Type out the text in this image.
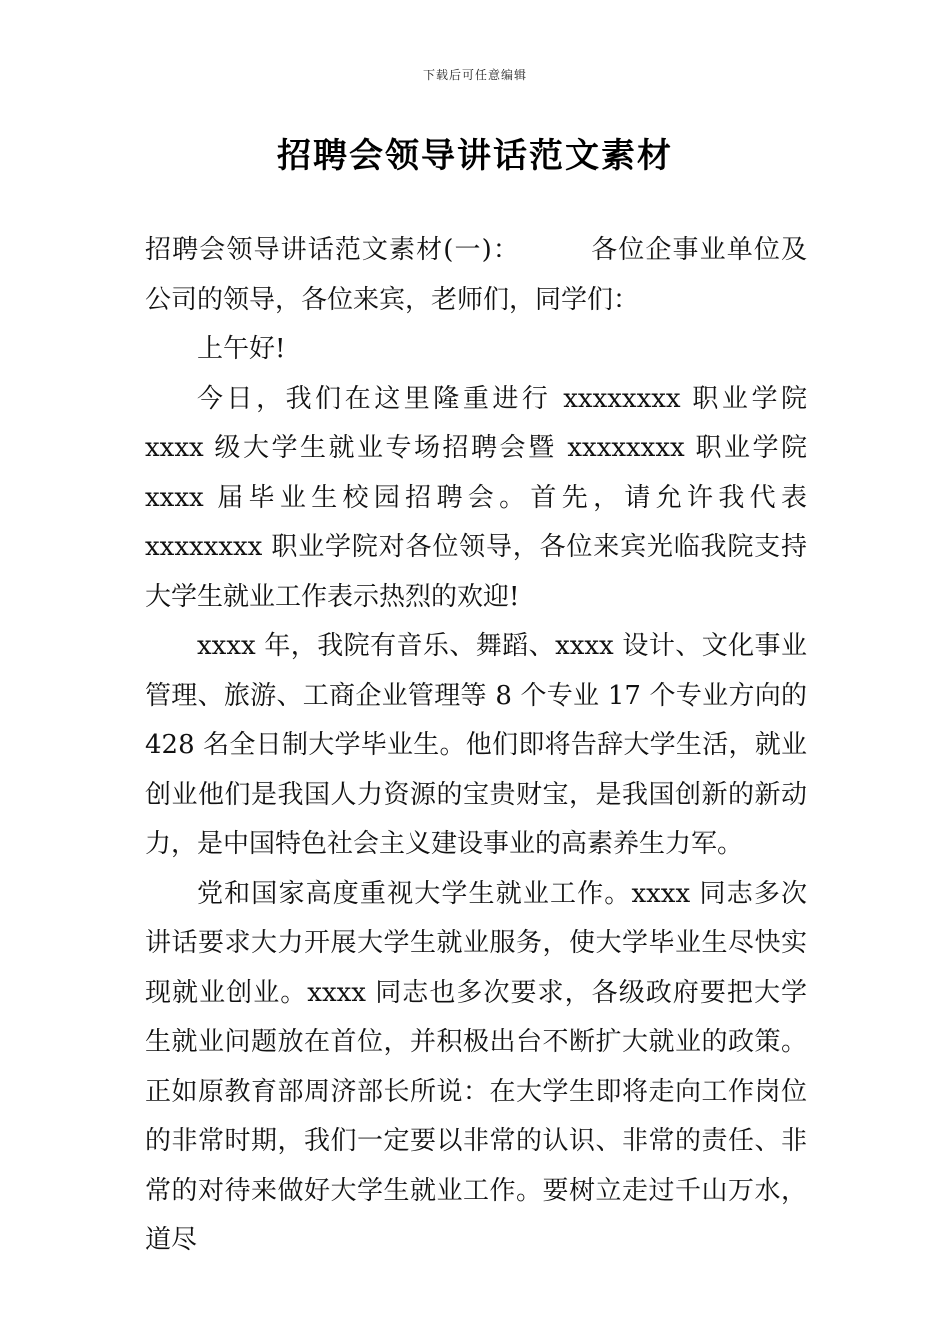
下载后可任意编辑
招聘会领导讲话范文素材

招聘会领导讲话范文素材(一)：	各位企事业单位及公司的领导，各位来宾，老师们，同学们：

上午好!

今日，我们在这里隆重进行 xxxxxxxx 职业学院 xxxx 级大学生就业专场招聘会暨 xxxxxxxx 职业学院 xxxx 届毕业生校园招聘会。首先，请允许我代表 xxxxxxxx 职业学院对各位领导，各位来宾光临我院支持大学生就业工作表示热烈的欢迎!

xxxx 年，我院有音乐、舞蹈、xxxx 设计、文化事业管理、旅游、工商企业管理等 8 个专业 17 个专业方向的 428 名全日制大学毕业生。他们即将告辞大学生活，就业创业他们是我国人力资源的宝贵财宝，是我国创新的新动力，是中国特色社会主义建设事业的高素养生力军。

党和国家高度重视大学生就业工作。xxxx 同志多次讲话要求大力开展大学生就业服务，使大学毕业生尽快实现就业创业。xxxx 同志也多次要求，各级政府要把大学生就业问题放在首位，并积极出台不断扩大就业的政策。正如原教育部周济部长所说：在大学生即将走向工作岗位的非常时期，我们一定要以非常的认识、非常的责任、非常的对待来做好大学生就业工作。要树立走过千山万水，道尽
